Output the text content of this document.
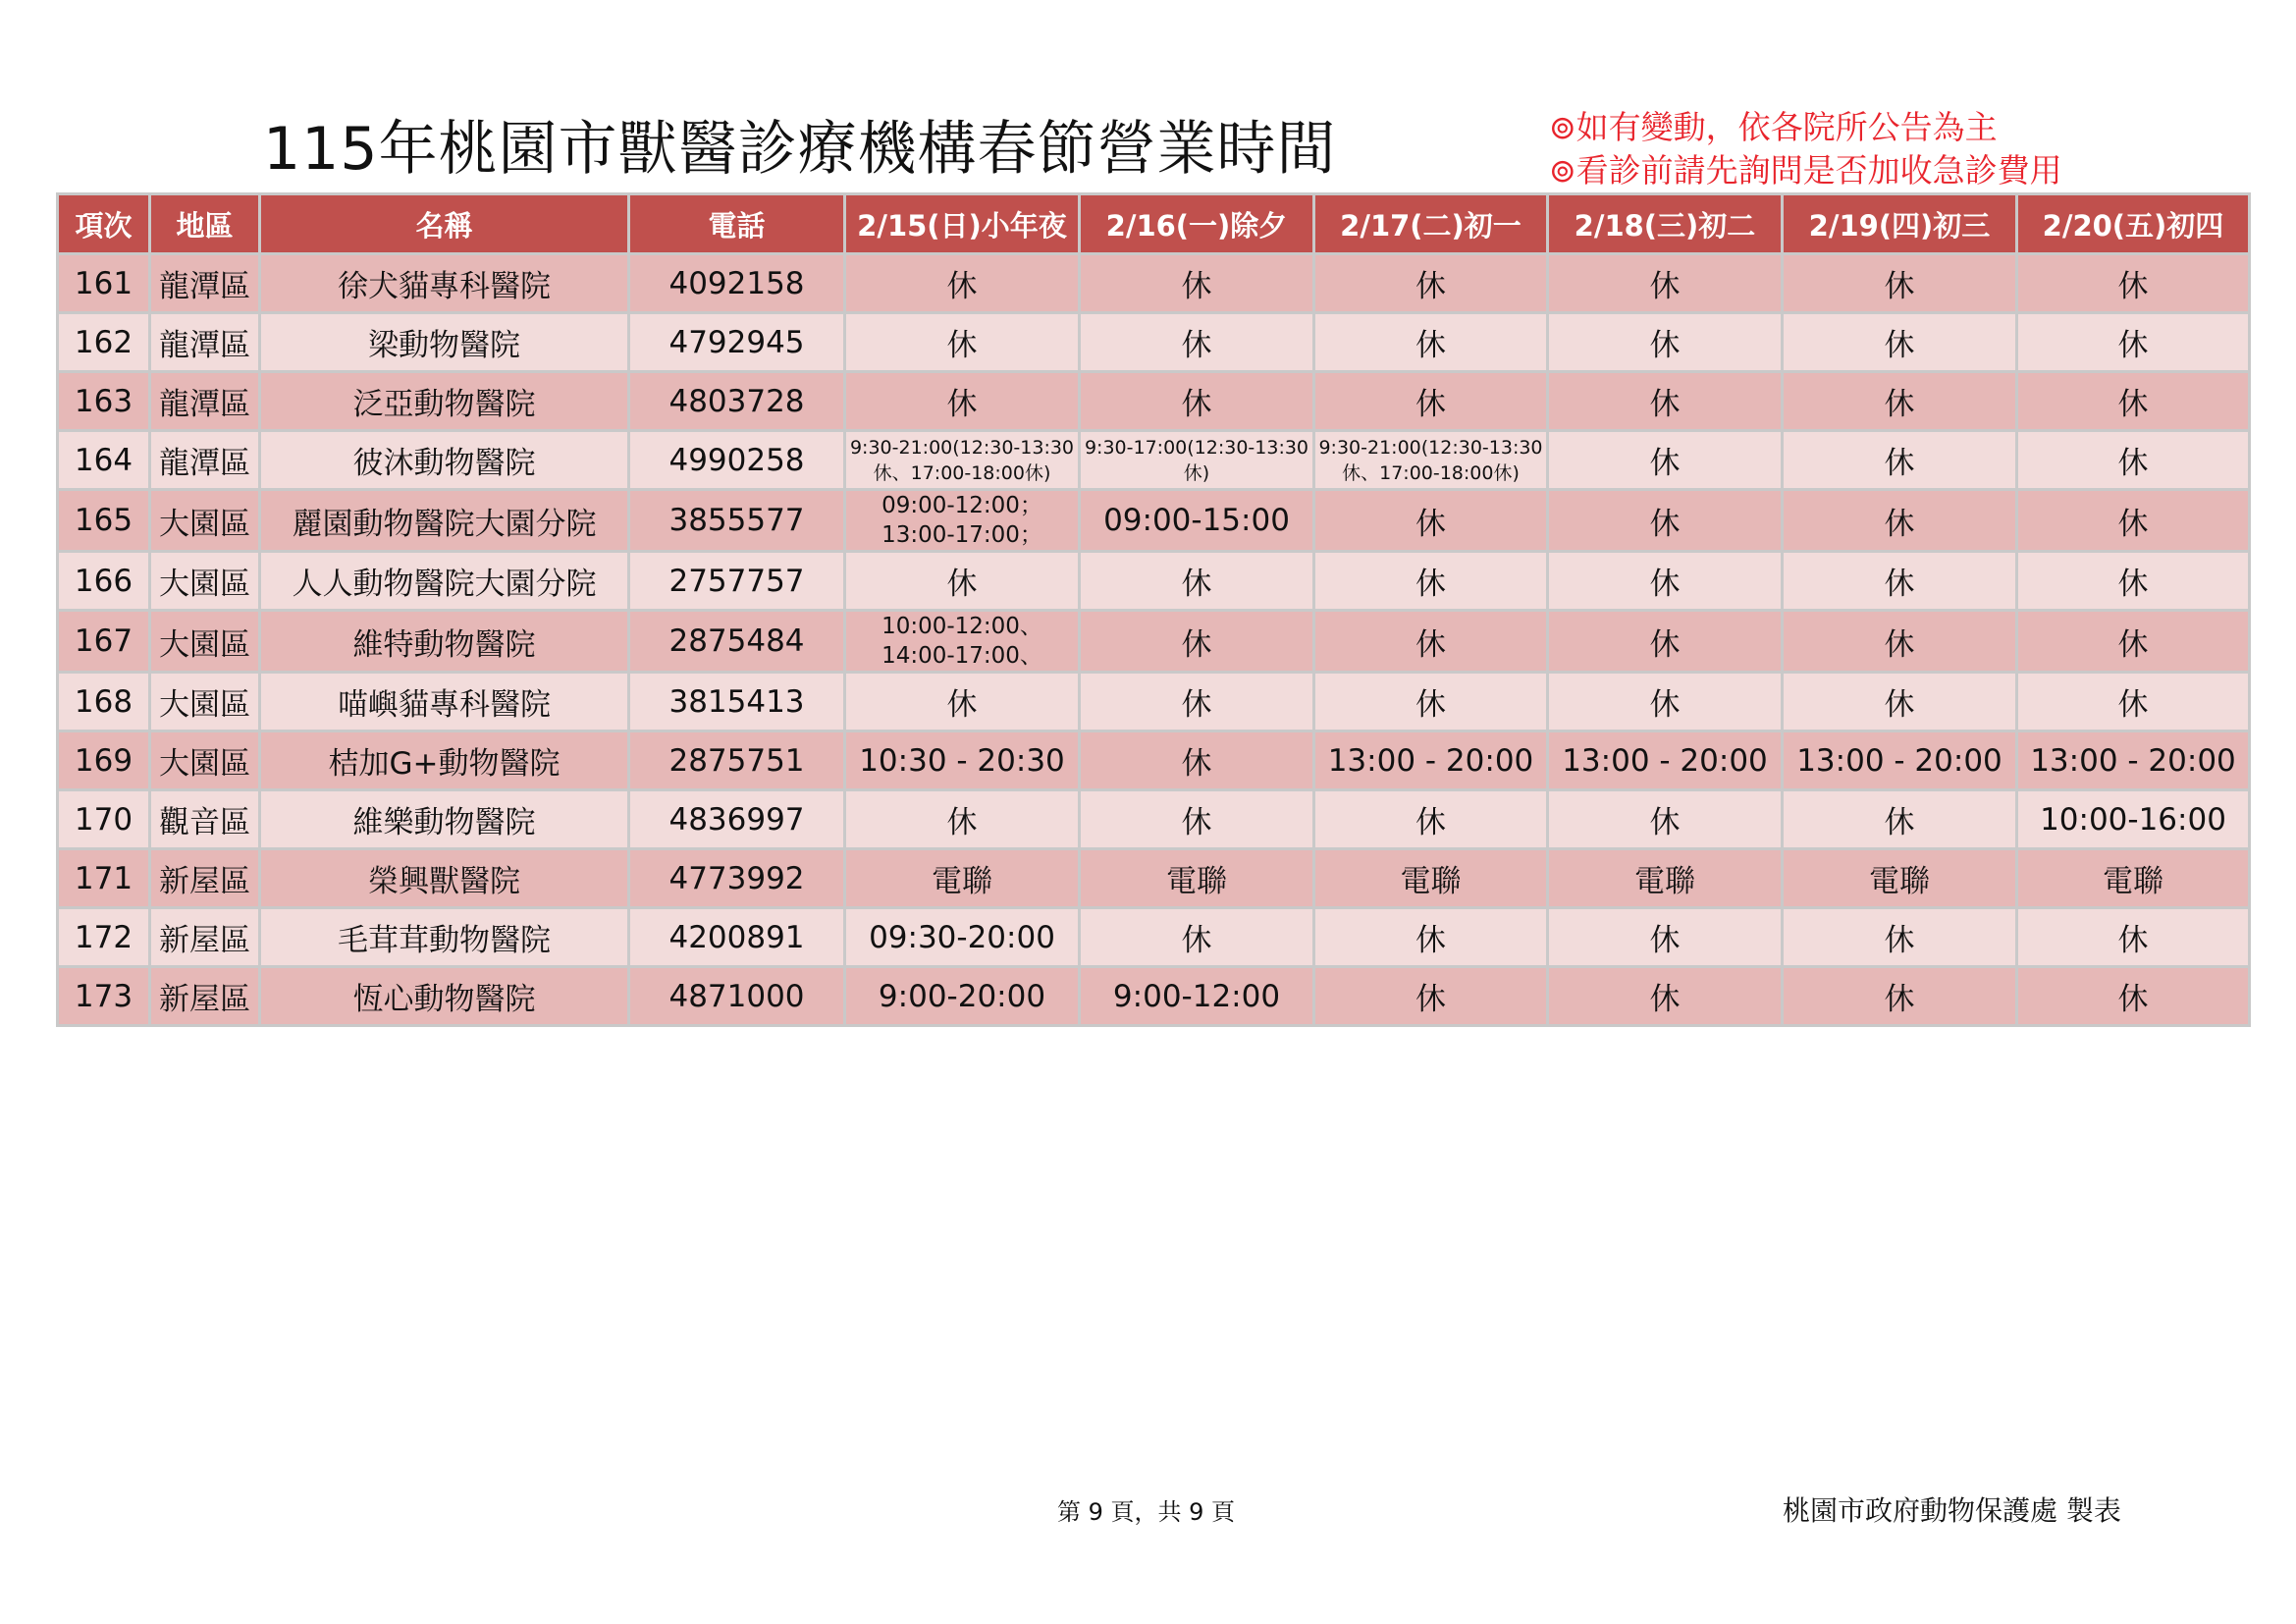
115年桃園市獸醫診療機構春節營業時間	⊚如有變動，依各院所公告為主
⊚看診前請先詢問是否加收急診費用
項次	地區	名稱	電話	2/15(日)小年夜	2/16(一)除夕	2/17(二)初一	2/18(三)初二	2/19(四)初三	2/20(五)初四
161	龍潭區	徐犬貓專科醫院	4092158	休	休	休	休	休	休
162	龍潭區	梁動物醫院	4792945	休	休	休	休	休	休
163	龍潭區	泛亞動物醫院	4803728	休	休	休	休	休	休
164	龍潭區	彼沐動物醫院	4990258	9:30-21:00(12:30-13:30
休、17:00-18:00休)	9:30-17:00(12:30-13:30
休)	9:30-21:00(12:30-13:30
休、17:00-18:00休)	休	休	休
165	大園區	麗園動物醫院大園分院	3855577	09:00-12:00；
13:00-17:00；	09:00-15:00	休	休	休	休
166	大園區	人人動物醫院大園分院	2757757	休	休	休	休	休	休
167	大園區	維特動物醫院	2875484	10:00-12:00、
14:00-17:00、	休	休	休	休	休
168	大園區	喵嶼貓專科醫院	3815413	休	休	休	休	休	休
169	大園區	桔加G+動物醫院	2875751	10:30 - 20:30	休	13:00 - 20:00	13:00 - 20:00	13:00 - 20:00	13:00 - 20:00
170	觀音區	維樂動物醫院	4836997	休	休	休	休	休	10:00-16:00
171	新屋區	榮興獸醫院	4773992	電聯	電聯	電聯	電聯	電聯	電聯
172	新屋區	毛茸茸動物醫院	4200891	09:30-20:00	休	休	休	休	休
173	新屋區	恆心動物醫院	4871000	9:00-20:00	9:00-12:00	休	休	休	休
第 9 頁，共 9 頁	桃園市政府動物保護處 製表
